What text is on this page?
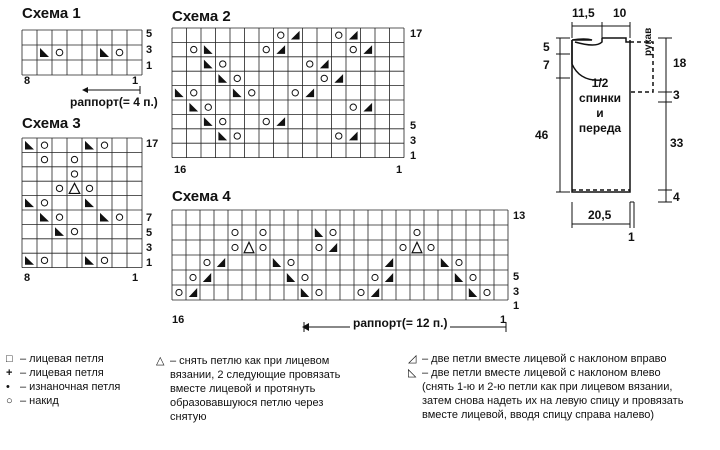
Схема 1
5
3
1
8	1
раппорт(= 4 п.)
Схема 2
17
5
3
1
16	1
Схема 3
17
7
5
3
1
8	1
Схема 4
13
5
3
1
16	1
раппорт(= 12 п.)
11,5 10
5
7
46
18
3
33
4
20,5
1
рукав
1/2
спинки
и
переда
□ – лицевая петля
+ – лицевая петля
• – изнаночная петля
○ – накид
△ – снять петлю как при лицевом
вязании, 2 следующие провязать
вместе лицевой и протянуть
образовавшуюся петлю через
снятую
◿ – две петли вместе лицевой с наклоном вправо
◺ – две петли вместе лицевой с наклоном влево
(снять 1-ю и 2-ю петли как при лицевом вязании,
затем снова надеть их на левую спицу и провязать
вместе лицевой, вводя спицу справа налево)
